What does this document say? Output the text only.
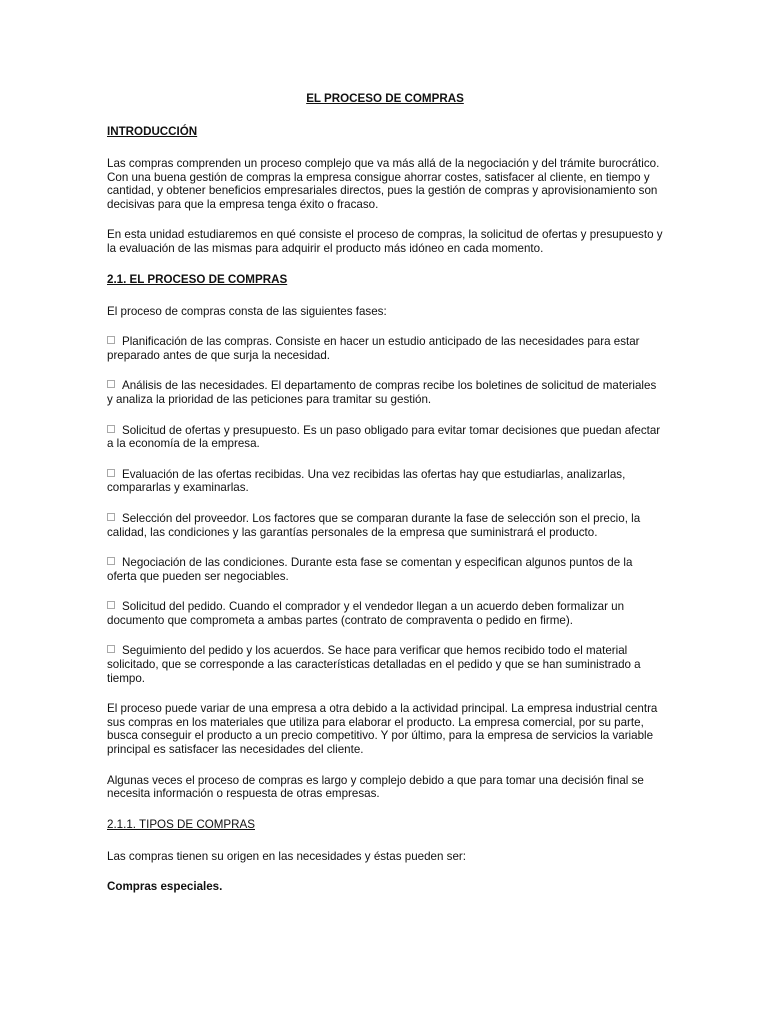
EL PROCESO DE COMPRAS
INTRODUCCIÓN

Las compras comprenden un proceso complejo que va más allá de la negociación y del trámite burocrático. Con una buena gestión de compras la empresa consigue ahorrar costes, satisfacer al cliente, en tiempo y cantidad, y obtener beneficios empresariales directos, pues la gestión de compras y aprovisionamiento son decisivas para que la empresa tenga éxito o fracaso.

En esta unidad estudiaremos en qué consiste el proceso de compras, la solicitud de ofertas y presupuesto y la evaluación de las mismas para adquirir el producto más idóneo en cada momento.

2.1. EL PROCESO DE COMPRAS

El proceso de compras consta de las siguientes fases:

Planificación de las compras. Consiste en hacer un estudio anticipado de las necesidades para estar preparado antes de que surja la necesidad.

Análisis de las necesidades. El departamento de compras recibe los boletines de solicitud de materiales y analiza la prioridad de las peticiones para tramitar su gestión.

Solicitud de ofertas y presupuesto. Es un paso obligado para evitar tomar decisiones que puedan afectar a la economía de la empresa.

Evaluación de las ofertas recibidas. Una vez recibidas las ofertas hay que estudiarlas, analizarlas, compararlas y examinarlas.

Selección del proveedor. Los factores que se comparan durante la fase de selección son el precio, la calidad, las condiciones y las garantías personales de la empresa que suministrará el producto.

Negociación de las condiciones. Durante esta fase se comentan y especifican algunos puntos de la oferta que pueden ser negociables.

Solicitud del pedido. Cuando el comprador y el vendedor llegan a un acuerdo deben formalizar un documento que comprometa a ambas partes (contrato de compraventa o pedido en firme).

Seguimiento del pedido y los acuerdos. Se hace para verificar que hemos recibido todo el material solicitado, que se corresponde a las características detalladas en el pedido y que se han suministrado a tiempo.

El proceso puede variar de una empresa a otra debido a la actividad principal. La empresa industrial centra sus compras en los materiales que utiliza para elaborar el producto. La empresa comercial, por su parte, busca conseguir el producto a un precio competitivo. Y por último, para la empresa de servicios la variable principal es satisfacer las necesidades del cliente.

Algunas veces el proceso de compras es largo y complejo debido a que para tomar una decisión final se necesita información o respuesta de otras empresas.

2.1.1. TIPOS DE COMPRAS

Las compras tienen su origen en las necesidades y éstas pueden ser:

Compras especiales.
